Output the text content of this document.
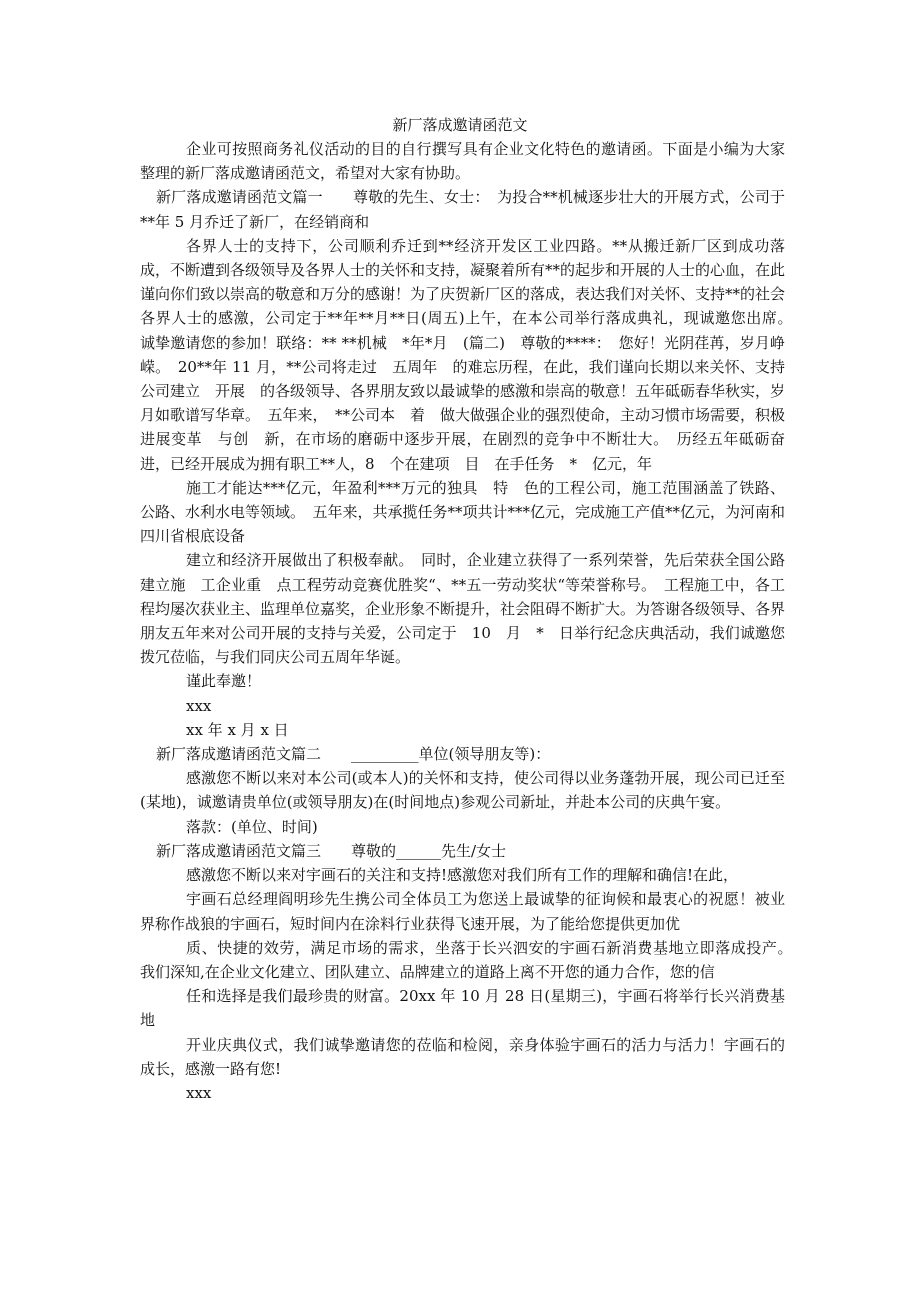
新厂落成邀请函范文

企业可按照商务礼仪活动的目的自行撰写具有企业文化特色的邀请函。下面是小编为大家整理的新厂落成邀请函范文，希望对大家有协助。

新厂落成邀请函范文篇一　　尊敬的先生、女士：　为投合**机械逐步壮大的开展方式，公司于**年 5 月乔迁了新厂，在经销商和

各界人士的支持下，公司顺利乔迁到**经济开发区工业四路。**从搬迁新厂区到成功落成，不断遭到各级领导及各界人士的关怀和支持，凝聚着所有**的起步和开展的人士的心血，在此谨向你们致以崇高的敬意和万分的感谢！为了庆贺新厂区的落成，表达我们对关怀、支持**的社会各界人士的感激，公司定于**年**月**日(周五)上午，在本公司举行落成典礼，现诚邀您出席。　诚挚邀请您的参加！联络：** **机械　*年*月　(篇二)　尊敬的****：　您好！光阴荏苒，岁月峥嵘。　20**年 11 月，**公司将走过　五周年　的难忘历程，在此，我们谨向长期以来关怀、支持公司建立　开展　的各级领导、各界朋友致以最诚挚的感激和崇高的敬意！五年砥砺春华秋实，岁月如歌谱写华章。　五年来，　**公司本　着　做大做强企业的强烈使命，主动习惯市场需要，积极进展变革　与创　新，在市场的磨砺中逐步开展，在剧烈的竞争中不断壮大。　历经五年砥砺奋进，已经开展成为拥有职工**人，8　个在建项　目　在手任务　*　亿元，年

施工才能达***亿元，年盈利***万元的独具　特　色的工程公司，施工范围涵盖了铁路、公路、水利水电等领域。　五年来，共承揽任务**项共计***亿元，完成施工产值**亿元，为河南和四川省根底设备

建立和经济开展做出了积极奉献。　同时，企业建立获得了一系列荣誉，先后荣获全国公路建立施　工企业重　点工程劳动竞赛优胜奖“、**五一劳动奖状“等荣誉称号。　工程施工中，各工程均屡次获业主、监理单位嘉奖，企业形象不断提升，社会阻碍不断扩大。为答谢各级领导、各界朋友五年来对公司开展的支持与关爱，公司定于　10　月　*　日举行纪念庆典活动，我们诚邀您拨冗莅临，与我们同庆公司五周年华诞。

谨此奉邀！

xxx

xx 年 x 月 x 日

新厂落成邀请函范文篇二　　_________单位(领导朋友等)：

感激您不断以来对本公司(或本人)的关怀和支持，使公司得以业务蓬勃开展，现公司已迁至(某地)，诚邀请贵单位(或领导朋友)在(时间地点)参观公司新址，并赴本公司的庆典午宴。

落款：(单位、时间)

新厂落成邀请函范文篇三　　尊敬的______先生/女士

感激您不断以来对宇画石的关注和支持!感激您对我们所有工作的理解和确信!在此，

宇画石总经理阎明珍先生携公司全体员工为您送上最诚挚的征询候和最衷心的祝愿！被业界称作战狼的宇画石，短时间内在涂料行业获得飞速开展，为了能给您提供更加优

质、快捷的效劳，满足市场的需求，坐落于长兴泗安的宇画石新消费基地立即落成投产。　我们深知,在企业文化建立、团队建立、品牌建立的道路上离不开您的通力合作，您的信

任和选择是我们最珍贵的财富。20xx 年 10 月 28 日(星期三)，宇画石将举行长兴消费基地

开业庆典仪式，我们诚挚邀请您的莅临和检阅，亲身体验宇画石的活力与活力！宇画石的成长，感激一路有您!

xxx
